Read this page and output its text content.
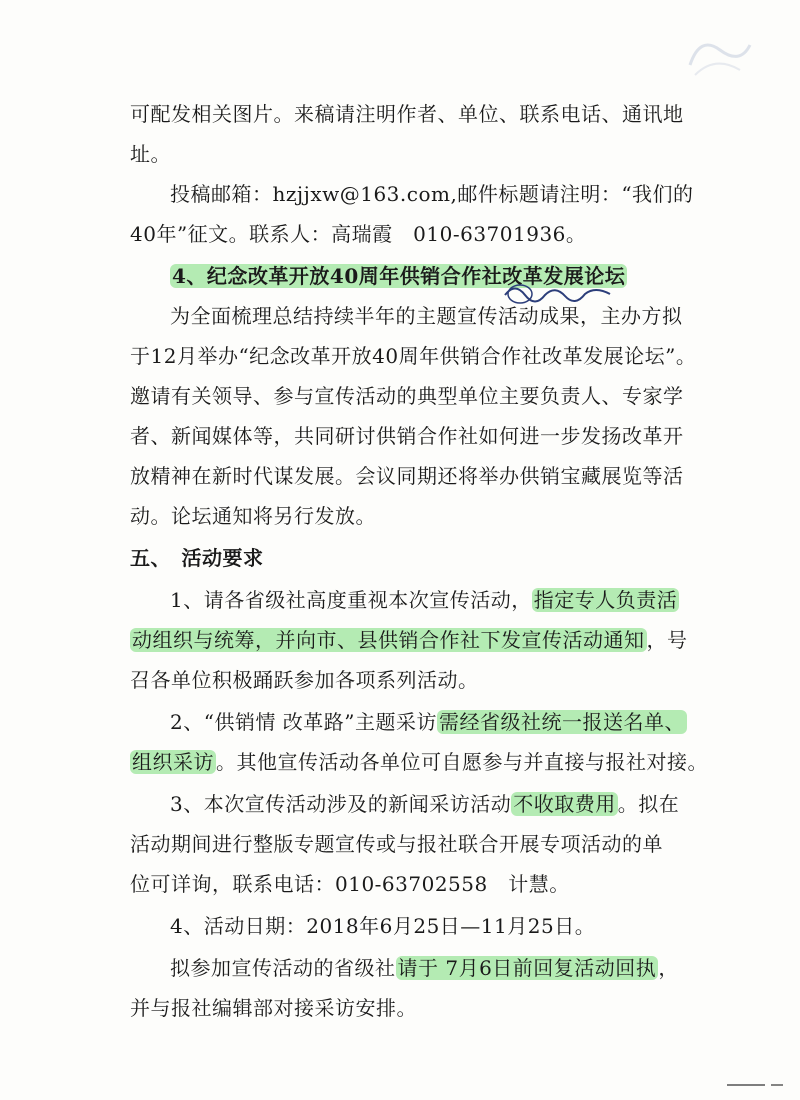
可配发相关图片。来稿请注明作者、单位、联系电话、通讯地
址。
投稿邮箱：hzjjxw@163.com,邮件标题请注明：“我们的
40年”征文。联系人：高瑞霞　010-63701936。
4、纪念改革开放40周年供销合作社改革发展论坛
为全面梳理总结持续半年的主题宣传活动成果，主办方拟
于12月举办“纪念改革开放40周年供销合作社改革发展论坛”。
邀请有关领导、参与宣传活动的典型单位主要负责人、专家学
者、新闻媒体等，共同研讨供销合作社如何进一步发扬改革开
放精神在新时代谋发展。会议同期还将举办供销宝藏展览等活
动。论坛通知将另行发放。
五、　活动要求
1、请各省级社高度重视本次宣传活动， 指定专人负责活
动组织与统筹，并向市、县供销合作社下发宣传活动通知 ，号
召各单位积极踊跃参加各项系列活动。
2、“供销情 改革路”主题采访 需经省级社统一报送名单、
组织采访 。其他宣传活动各单位可自愿参与并直接与报社对接。
3、本次宣传活动涉及的新闻采访活动 不收取费用 。拟在
活动期间进行整版专题宣传或与报社联合开展专项活动的单
位可详询，联系电话：010-63702558　计慧。
4、活动日期：2018年6月25日—11月25日。
拟参加宣传活动的省级社 请于 7月6日前回复活动回执 ，
并与报社编辑部对接采访安排。
